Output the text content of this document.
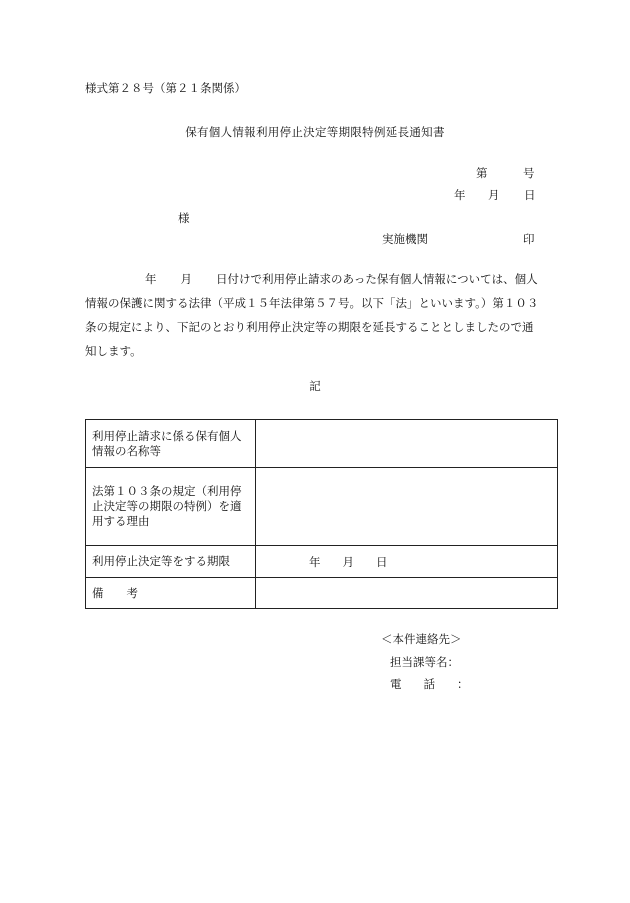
様式第２８号（第２１条関係）
保有個人情報利用停止決定等期限特例延長通知書
第	号
年 月 日
様
実施機関	印
年 月 日付けで利用停止請求のあった保有個人情報については、個人
情報の保護に関する法律（平成１５年法律第５７号。以下「法」といいます。）第１０３
条の規定により、下記のとおり利用停止決定等の期限を延長することとしましたので通
知します。
記
利用停止請求に係る保有個人情報の名称等	
法第１０３条の規定（利用停止決定等の期限の特例）を適用する理由	
利用停止決定等をする期限	年 月 日

備　　考	
＜本件連絡先＞
担当課等名：
電話：
